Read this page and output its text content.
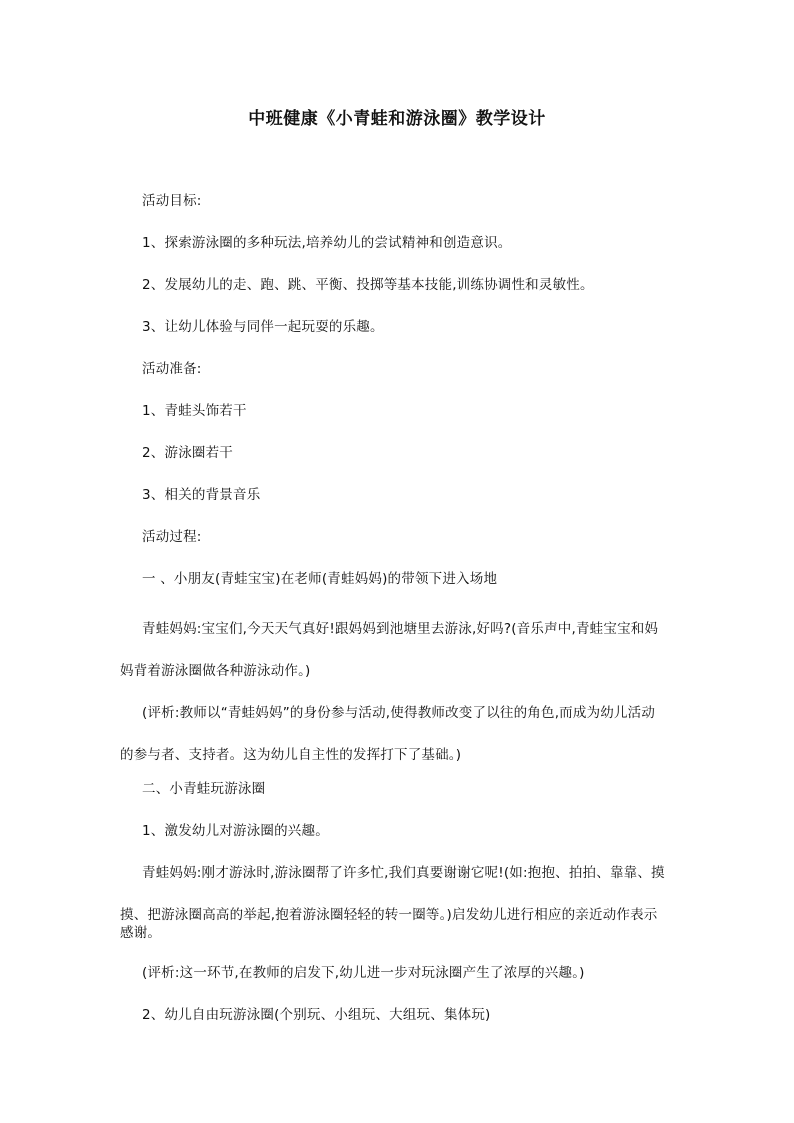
中班健康《小青蛙和游泳圈》教学设计
活动目标:
1、探索游泳圈的多种玩法,培养幼儿的尝试精神和创造意识。
2、发展幼儿的走、跑、跳、平衡、投掷等基本技能,训练协调性和灵敏性。
3、让幼儿体验与同伴一起玩耍的乐趣。
活动准备:
1、青蛙头饰若干
2、游泳圈若干
3、相关的背景音乐
活动过程:
一 、小朋友(青蛙宝宝)在老师(青蛙妈妈)的带领下进入场地
青蛙妈妈:宝宝们,今天天气真好!跟妈妈到池塘里去游泳,好吗?(音乐声中,青蛙宝宝和妈
妈背着游泳圈做各种游泳动作。)
(评析:教师以“青蛙妈妈”的身份参与活动,使得教师改变了以往的角色,而成为幼儿活动
的参与者、支持者。这为幼儿自主性的发挥打下了基础。)
二、小青蛙玩游泳圈
1、激发幼儿对游泳圈的兴趣。
青蛙妈妈:刚才游泳时,游泳圈帮了许多忙,我们真要谢谢它呢!(如:抱抱、拍拍、靠靠、摸
摸、把游泳圈高高的举起,抱着游泳圈轻轻的转一圈等。)启发幼儿进行相应的亲近动作表示
感谢。
(评析:这一环节,在教师的启发下,幼儿进一步对玩泳圈产生了浓厚的兴趣。)
2、幼儿自由玩游泳圈(个别玩、小组玩、大组玩、集体玩)
